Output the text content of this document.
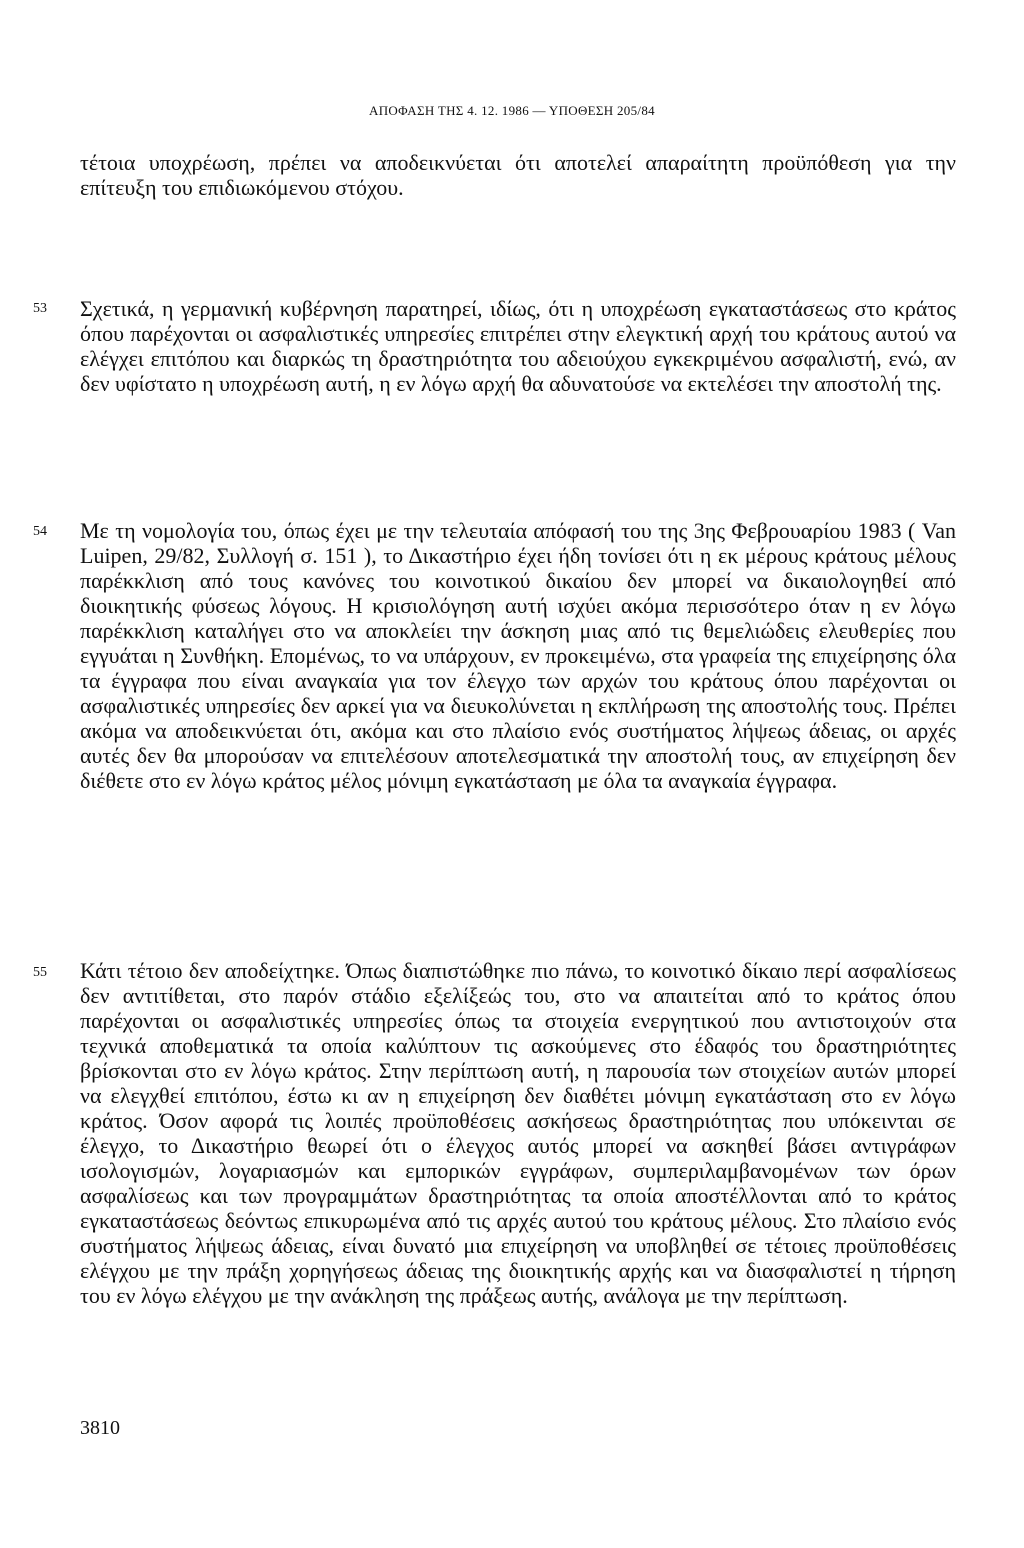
ΑΠΟΦΑΣΗ ΤΗΣ 4. 12. 1986 — ΥΠΟΘΕΣΗ 205/84
τέτοια υποχρέωση, πρέπει να αποδεικνύεται ότι αποτελεί απαραίτητη προϋπόθεση για την επίτευξη του επιδιωκόμενου στόχου.
53 Σχετικά, η γερμανική κυβέρνηση παρατηρεί, ιδίως, ότι η υποχρέωση εγκαταστάσεως στο κράτος όπου παρέχονται οι ασφαλιστικές υπηρεσίες επιτρέπει στην ελεγκτική αρχή του κράτους αυτού να ελέγχει επιτόπου και διαρκώς τη δραστηριότητα του αδειούχου εγκεκριμένου ασφαλιστή, ενώ, αν δεν υφίστατο η υποχρέωση αυτή, η εν λόγω αρχή θα αδυνατούσε να εκτελέσει την αποστολή της.
54 Με τη νομολογία του, όπως έχει με την τελευταία απόφασή του της 3ης Φεβρουαρίου 1983 ( Van Luipen, 29/82, Συλλογή σ. 151 ), το Δικαστήριο έχει ήδη τονίσει ότι η εκ μέρους κράτους μέλους παρέκκλιση από τους κανόνες του κοινοτικού δικαίου δεν μπορεί να δικαιολογηθεί από διοικητικής φύσεως λόγους. Η κρισιολόγηση αυτή ισχύει ακόμα περισσότερο όταν η εν λόγω παρέκκλιση καταλήγει στο να αποκλείει την άσκηση μιας από τις θεμελιώδεις ελευθερίες που εγγυάται η Συνθήκη. Επομένως, το να υπάρχουν, εν προκειμένω, στα γραφεία της επιχείρησης όλα τα έγγραφα που είναι αναγκαία για τον έλεγχο των αρχών του κράτους όπου παρέχονται οι ασφαλιστικές υπηρεσίες δεν αρκεί για να διευκολύνεται η εκπλήρωση της αποστολής τους. Πρέπει ακόμα να αποδεικνύεται ότι, ακόμα και στο πλαίσιο ενός συστήματος λήψεως άδειας, οι αρχές αυτές δεν θα μπορούσαν να επιτελέσουν αποτελεσματικά την αποστολή τους, αν επιχείρηση δεν διέθετε στο εν λόγω κράτος μέλος μόνιμη εγκατάσταση με όλα τα αναγκαία έγγραφα.
55 Κάτι τέτοιο δεν αποδείχτηκε. Όπως διαπιστώθηκε πιο πάνω, το κοινοτικό δίκαιο περί ασφαλίσεως δεν αντιτίθεται, στο παρόν στάδιο εξελίξεώς του, στο να απαιτείται από το κράτος όπου παρέχονται οι ασφαλιστικές υπηρεσίες όπως τα στοιχεία ενεργητικού που αντιστοιχούν στα τεχνικά αποθεματικά τα οποία καλύπτουν τις ασκούμενες στο έδαφός του δραστηριότητες βρίσκονται στο εν λόγω κράτος. Στην περίπτωση αυτή, η παρουσία των στοιχείων αυτών μπορεί να ελεγχθεί επιτόπου, έστω κι αν η επιχείρηση δεν διαθέτει μόνιμη εγκατάσταση στο εν λόγω κράτος. Όσον αφορά τις λοιπές προϋποθέσεις ασκήσεως δραστηριότητας που υπόκεινται σε έλεγχο, το Δικαστήριο θεωρεί ότι ο έλεγχος αυτός μπορεί να ασκηθεί βάσει αντιγράφων ισολογισμών, λογαριασμών και εμπορικών εγγράφων, συμπεριλαμβανομένων των όρων ασφαλίσεως και των προγραμμάτων δραστηριότητας τα οποία αποστέλλονται από το κράτος εγκαταστάσεως δεόντως επικυρωμένα από τις αρχές αυτού του κράτους μέλους. Στο πλαίσιο ενός συστήματος λήψεως άδειας, είναι δυνατό μια επιχείρηση να υποβληθεί σε τέτοιες προϋποθέσεις ελέγχου με την πράξη χορηγήσεως άδειας της διοικητικής αρχής και να διασφαλιστεί η τήρηση του εν λόγω ελέγχου με την ανάκληση της πράξεως αυτής, ανάλογα με την περίπτωση.
3810
